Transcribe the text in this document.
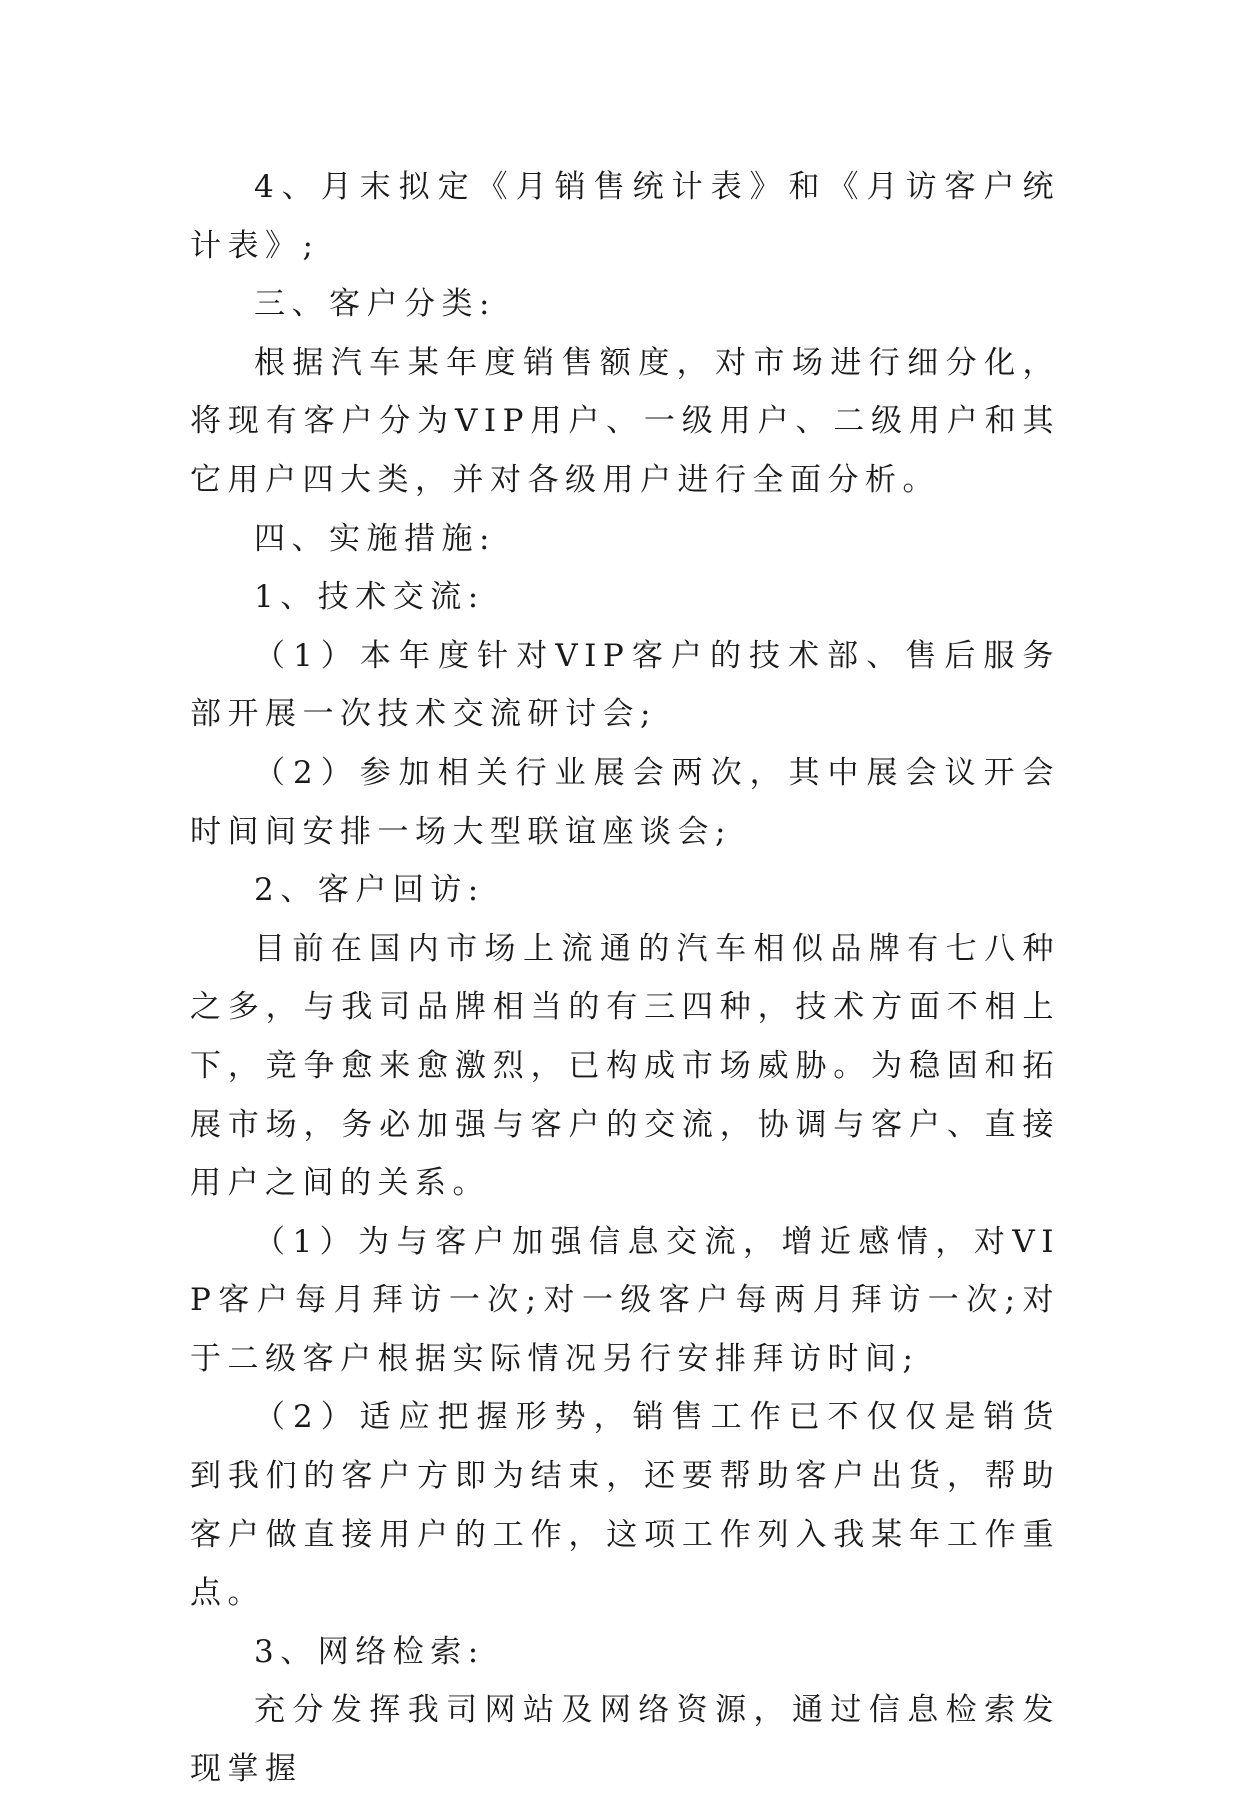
4、月末拟定《月销售统计表》和《月访客户统计表》;

三、客户分类:

根据汽车某年度销售额度，对市场进行细分化，将现有客户分为VIP用户、一级用户、二级用户和其它用户四大类，并对各级用户进行全面分析。

四、实施措施:

1、技术交流:

（1）本年度针对VIP客户的技术部、售后服务部开展一次技术交流研讨会;

（2）参加相关行业展会两次，其中展会议开会时间间安排一场大型联谊座谈会;

2、客户回访:

目前在国内市场上流通的汽车相似品牌有七八种之多，与我司品牌相当的有三四种，技术方面不相上下，竞争愈来愈激烈，已构成市场威胁。为稳固和拓展市场，务必加强与客户的交流，协调与客户、直接用户之间的关系。

（1）为与客户加强信息交流，增近感情，对VIP客户每月拜访一次;对一级客户每两月拜访一次;对于二级客户根据实际情况另行安排拜访时间;

（2）适应把握形势，销售工作已不仅仅是销货到我们的客户方即为结束，还要帮助客户出货，帮助客户做直接用户的工作，这项工作列入我某年工作重点。

3、网络检索:

充分发挥我司网站及网络资源，通过信息检索发现掌握
